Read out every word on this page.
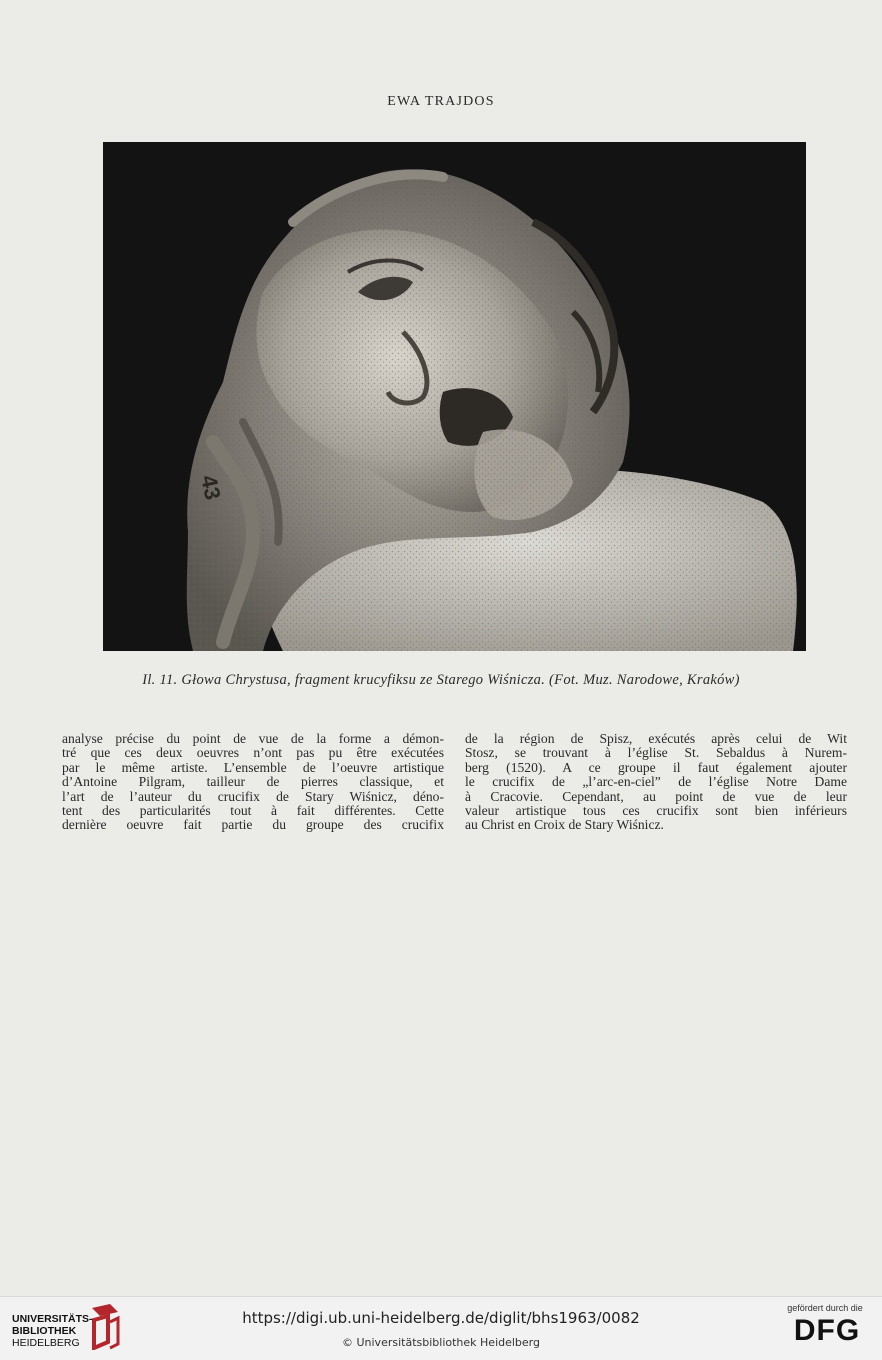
EWA TRAJDOS
43
Il. 11. Głowa Chrystusa, fragment krucyfiksu ze Starego Wiśnicza. (Fot. Muz. Narodowe, Kraków)
analyse précise du point de vue de la forme a démon-
tré que ces deux oeuvres n’ont pas pu être exécutées
par le même artiste. L’ensemble de l’oeuvre artistique
d’Antoine Pilgram, tailleur de pierres classique, et
l’art de l’auteur du crucifix de Stary Wiśnicz, déno-
tent des particularités tout à fait différentes. Cette
dernière oeuvre fait partie du groupe des crucifix
de la région de Spisz, exécutés après celui de Wit
Stosz, se trouvant à l’église St. Sebaldus à Nurem-
berg (1520). A ce groupe il faut également ajouter
le crucifix de „l’arc-en-ciel” de l’église Notre Dame
à Cracovie. Cependant, au point de vue de leur
valeur artistique tous ces crucifix sont bien inférieurs
au Christ en Croix de Stary Wiśnicz.
UNIVERSITÄTS-
BIBLIOTHEK
HEIDELBERG
https://digi.ub.uni-heidelberg.de/diglit/bhs1963/0082
© Universitätsbibliothek Heidelberg
gefördert durch die
DFG
